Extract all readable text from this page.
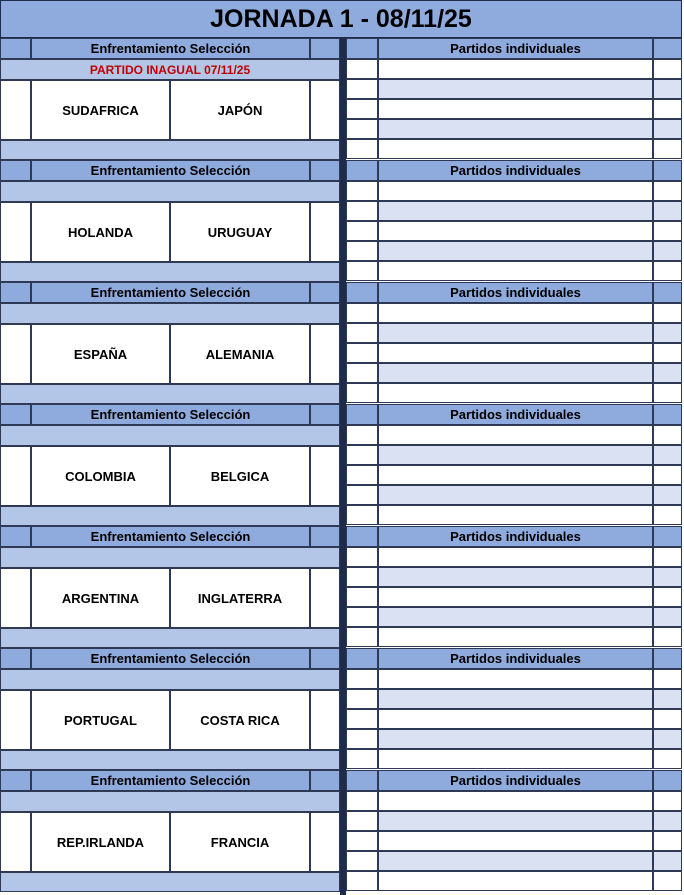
JORNADA 1 - 08/11/25
Enfrentamiento Selección
PARTIDO INAGUAL 07/11/25
SUDAFRICA	JAPÓN
Partidos individuales
Enfrentamiento Selección
HOLANDA	URUGUAY
Partidos individuales
Enfrentamiento Selección
ESPAÑA	ALEMANIA
Partidos individuales
Enfrentamiento Selección
COLOMBIA	BELGICA
Partidos individuales
Enfrentamiento Selección
ARGENTINA	INGLATERRA
Partidos individuales
Enfrentamiento Selección
PORTUGAL	COSTA RICA
Partidos individuales
Enfrentamiento Selección
REP.IRLANDA	FRANCIA
Partidos individuales
